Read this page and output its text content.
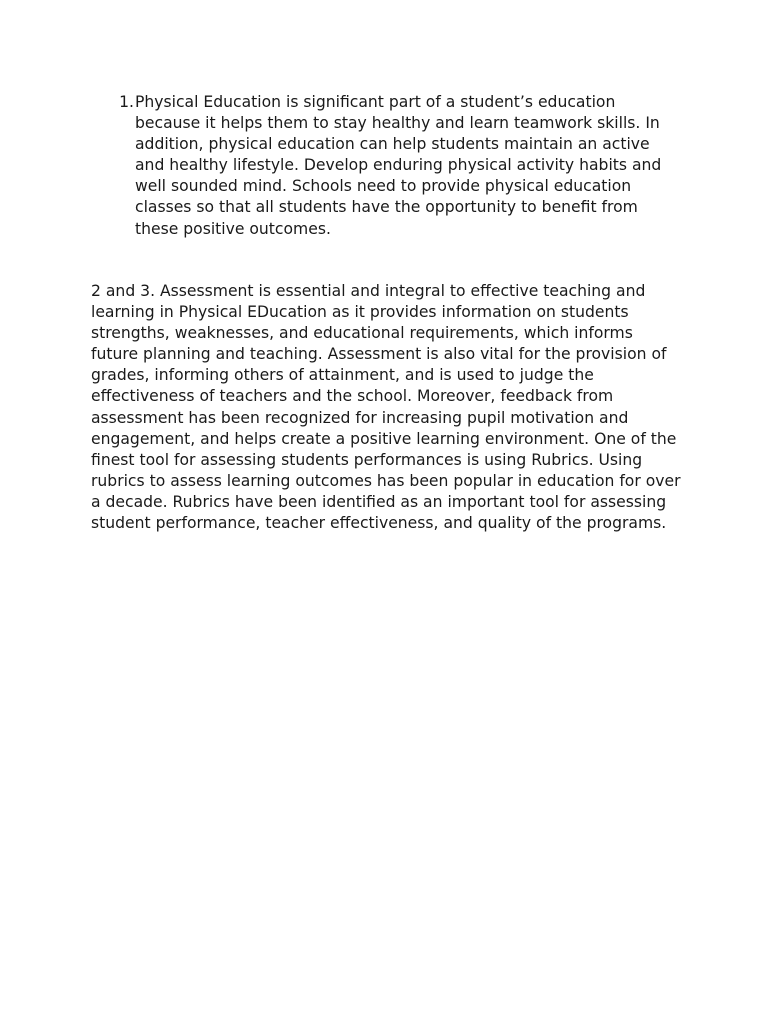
1. Physical Education is significant part of a student’s education because it helps them to stay healthy and learn teamwork skills. In addition, physical education can help students maintain an active and healthy lifestyle. Develop enduring physical activity habits and well sounded mind. Schools need to provide physical education classes so that all students have the opportunity to benefit from these positive outcomes.

2 and 3. Assessment is essential and integral to effective teaching and learning in Physical EDucation as it provides information on students strengths, weaknesses, and educational requirements, which informs future planning and teaching. Assessment is also vital for the provision of grades, informing others of attainment, and is used to judge the effectiveness of teachers and the school. Moreover, feedback from assessment has been recognized for increasing pupil motivation and engagement, and helps create a positive learning environment. One of the finest tool for assessing students performances is using Rubrics. Using rubrics to assess learning outcomes has been popular in education for over a decade. Rubrics have been identified as an important tool for assessing student performance, teacher effectiveness, and quality of the programs.
